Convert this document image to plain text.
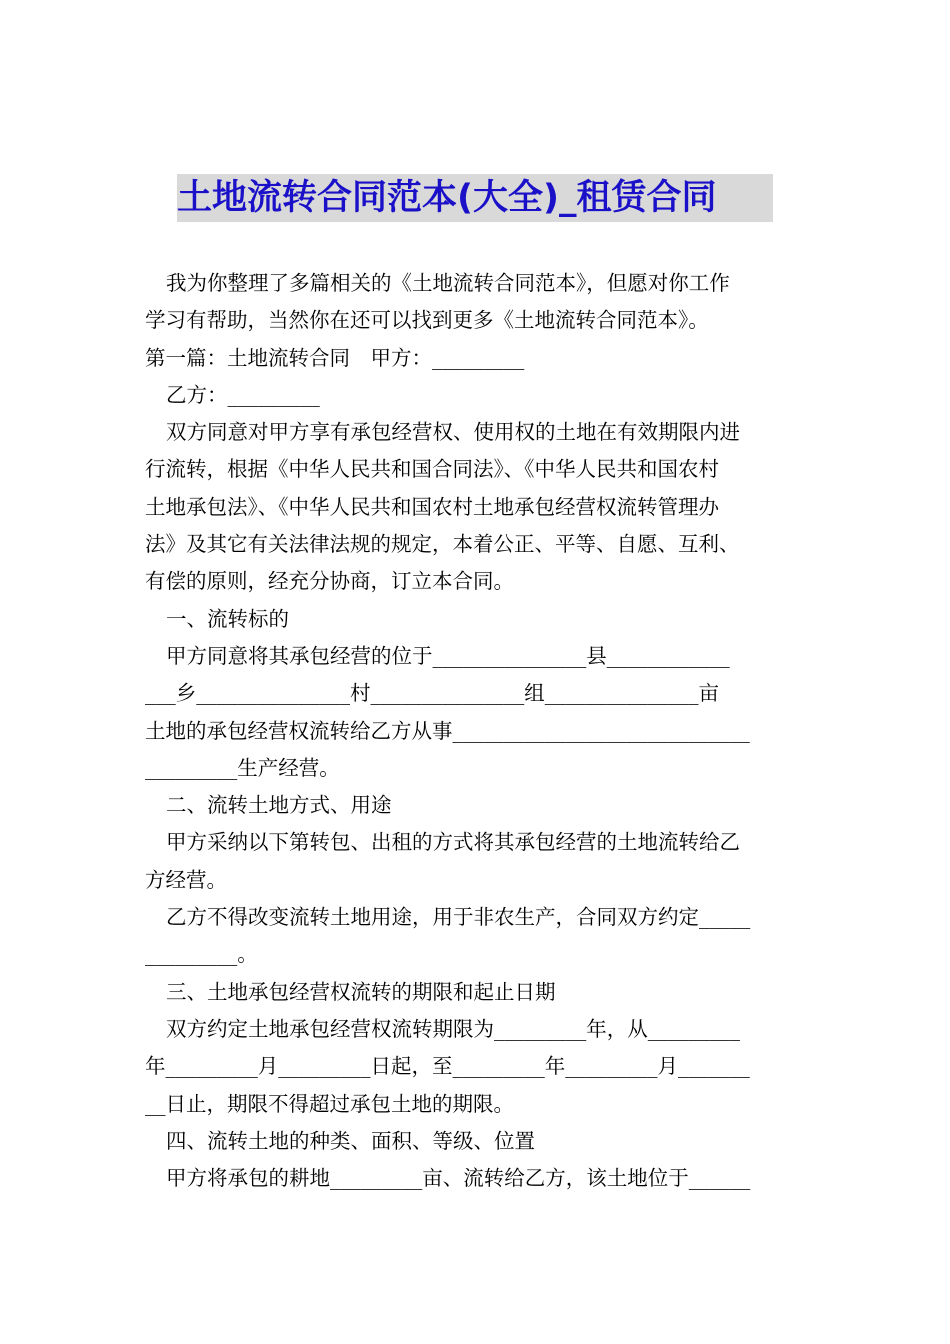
土地流转合同范本(大全)_租赁合同
我为你整理了多篇相关的《土地流转合同范本》，但愿对你工作
学习有帮助，当然你在还可以找到更多《土地流转合同范本》。
第一篇：土地流转合同　甲方：_________
乙方：_________
双方同意对甲方享有承包经营权、使用权的土地在有效期限内进
行流转，根据《中华人民共和国合同法》、《中华人民共和国农村
土地承包法》、《中华人民共和国农村土地承包经营权流转管理办
法》及其它有关法律法规的规定，本着公正、平等、自愿、互利、
有偿的原则，经充分协商，订立本合同。
一、流转标的
甲方同意将其承包经营的位于_______________县____________
___乡_______________村_______________组_______________亩
土地的承包经营权流转给乙方从事_____________________________
_________生产经营。
二、流转土地方式、用途
甲方采纳以下第转包、出租的方式将其承包经营的土地流转给乙
方经营。
乙方不得改变流转土地用途，用于非农生产，合同双方约定_____
_________。
三、土地承包经营权流转的期限和起止日期
双方约定土地承包经营权流转期限为_________年，从_________
年_________月_________日起，至_________年_________月_______
__日止，期限不得超过承包土地的期限。
四、流转土地的种类、面积、等级、位置
甲方将承包的耕地_________亩、流转给乙方，该土地位于______
